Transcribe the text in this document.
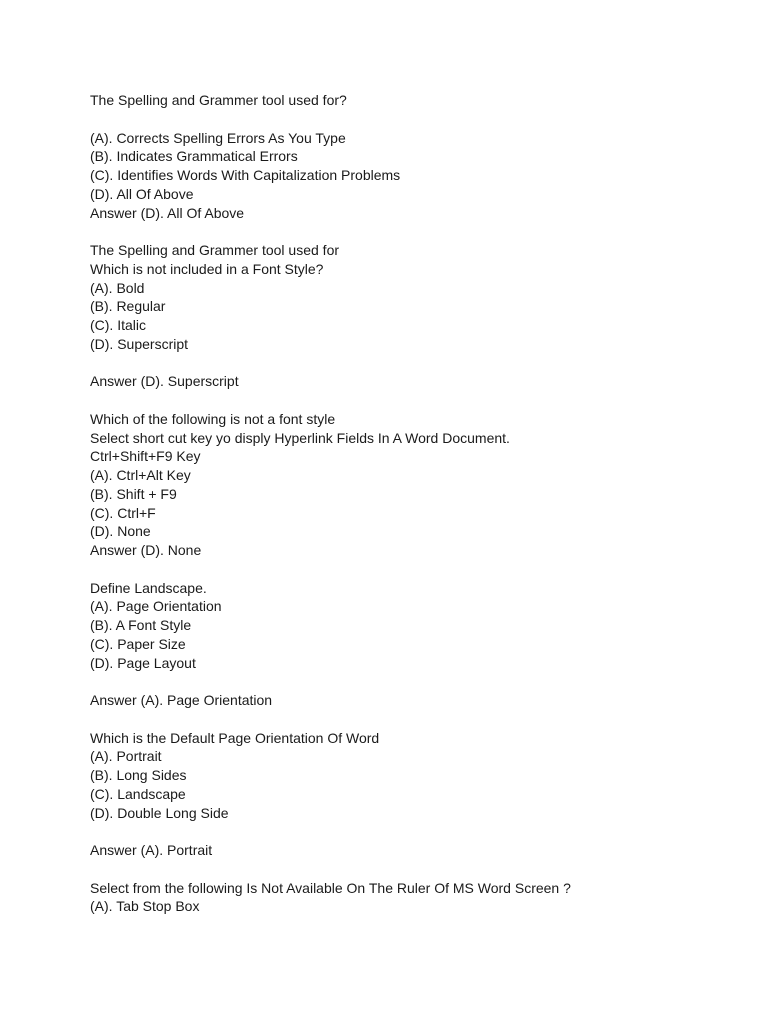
The Spelling and Grammer tool used for?
(A). Corrects Spelling Errors As You Type
(B). Indicates Grammatical Errors
(C). Identifies Words With Capitalization Problems
(D). All Of Above
Answer (D). All Of Above
The Spelling and Grammer tool used for
Which is not included in a Font Style?
(A). Bold
(B). Regular
(C). Italic
(D). Superscript
Answer (D). Superscript
Which of the following is not a font style
Select short cut key yo disply Hyperlink Fields In A Word Document.
Ctrl+Shift+F9 Key
(A). Ctrl+Alt Key
(B). Shift + F9
(C). Ctrl+F
(D). None
Answer (D). None
Define Landscape.
(A). Page Orientation
(B). A Font Style
(C). Paper Size
(D). Page Layout
Answer (A). Page Orientation
Which is the Default Page Orientation Of Word
(A). Portrait
(B). Long Sides
(C). Landscape
(D). Double Long Side
Answer (A). Portrait
Select from the following Is Not Available On The Ruler Of MS Word Screen ?
(A). Tab Stop Box
